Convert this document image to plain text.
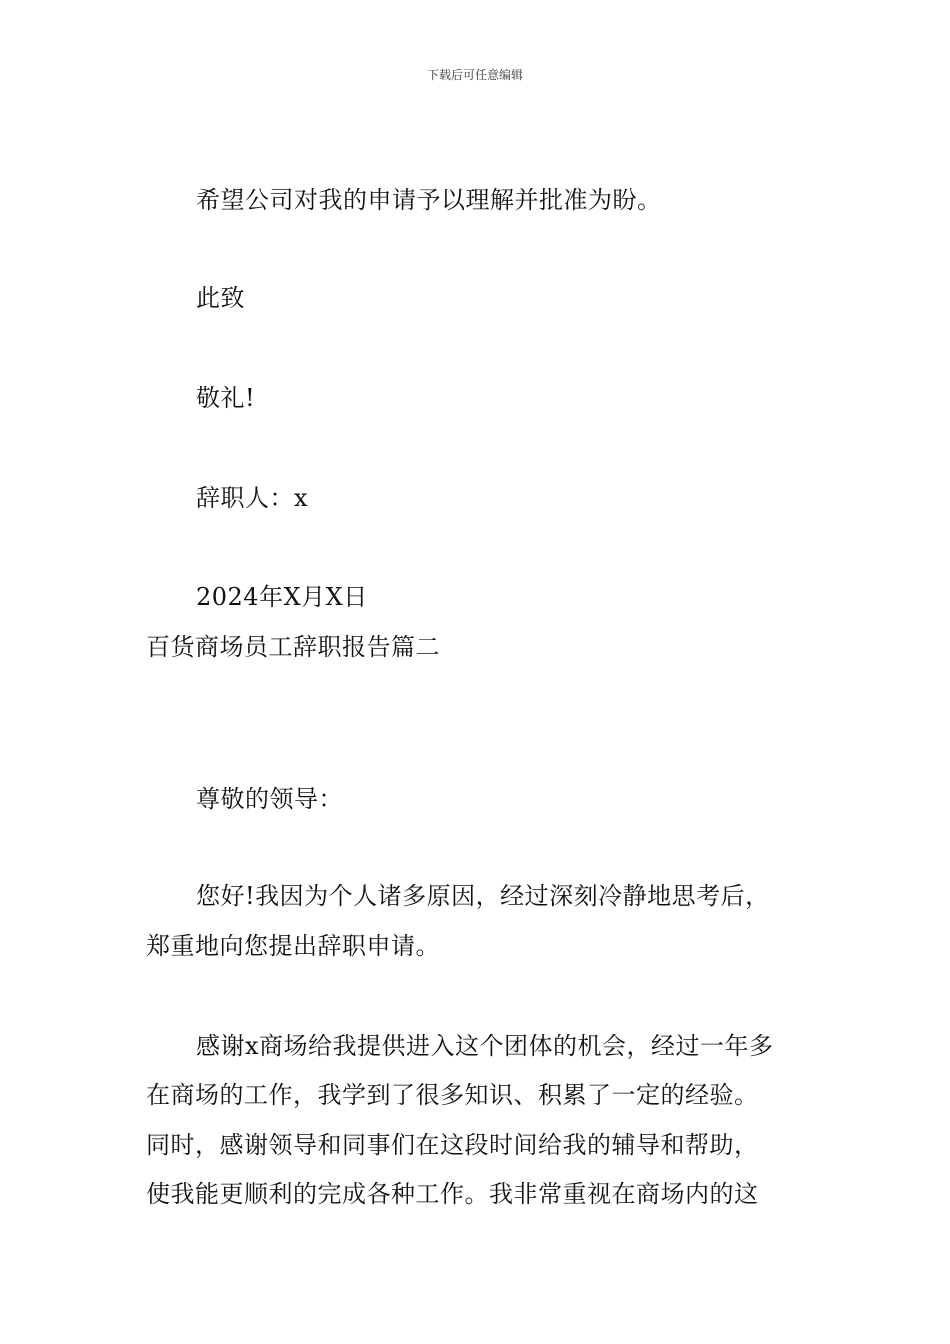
下载后可任意编辑
希望公司对我的申请予以理解并批准为盼。
此致
敬礼!
辞职人：x
2024年X月X日
百货商场员工辞职报告篇二
尊敬的领导：
您好!我因为个人诸多原因，经过深刻冷静地思考后，
郑重地向您提出辞职申请。
感谢x商场给我提供进入这个团体的机会，经过一年多
在商场的工作，我学到了很多知识、积累了一定的经验。
同时，感谢领导和同事们在这段时间给我的辅导和帮助，
使我能更顺利的完成各种工作。我非常重视在商场内的这
